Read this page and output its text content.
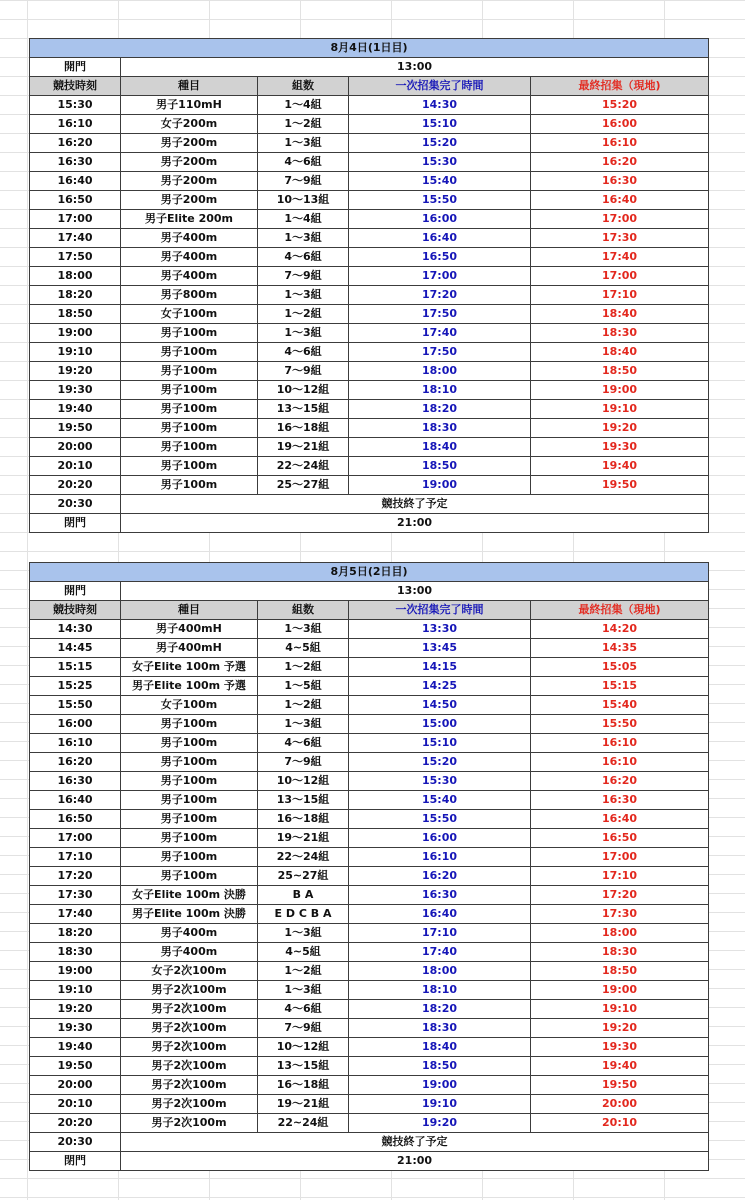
8月4日(1日目)				
開門	13:00			
競技時刻	種目	組数	一次招集完了時間	最終招集（現地)
15:30	男子110mH	1〜4組	14:30	15:20
16:10	女子200m	1〜2組	15:10	16:00
16:20	男子200m	1〜3組	15:20	16:10
16:30	男子200m	4〜6組	15:30	16:20
16:40	男子200m	7〜9組	15:40	16:30
16:50	男子200m	10〜13組	15:50	16:40
17:00	男子Elite 200m	1〜4組	16:00	17:00
17:40	男子400m	1〜3組	16:40	17:30
17:50	男子400m	4〜6組	16:50	17:40
18:00	男子400m	7〜9組	17:00	17:00
18:20	男子800m	1〜3組	17:20	17:10
18:50	女子100m	1〜2組	17:50	18:40
19:00	男子100m	1〜3組	17:40	18:30
19:10	男子100m	4〜6組	17:50	18:40
19:20	男子100m	7〜9組	18:00	18:50
19:30	男子100m	10〜12組	18:10	19:00
19:40	男子100m	13〜15組	18:20	19:10
19:50	男子100m	16〜18組	18:30	19:20
20:00	男子100m	19〜21組	18:40	19:30
20:10	男子100m	22〜24組	18:50	19:40
20:20	男子100m	25〜27組	19:00	19:50
20:30	競技終了予定			
閉門	21:00			
8月5日(2日目)				
開門	13:00			
競技時刻	種目	組数	一次招集完了時間	最終招集（現地)
14:30	男子400mH	1〜3組	13:30	14:20
14:45	男子400mH	4~5組	13:45	14:35
15:15	女子Elite 100m 予選	1〜2組	14:15	15:05
15:25	男子Elite 100m 予選	1〜5組	14:25	15:15
15:50	女子100m	1〜2組	14:50	15:40
16:00	男子100m	1〜3組	15:00	15:50
16:10	男子100m	4〜6組	15:10	16:10
16:20	男子100m	7〜9組	15:20	16:10
16:30	男子100m	10〜12組	15:30	16:20
16:40	男子100m	13〜15組	15:40	16:30
16:50	男子100m	16〜18組	15:50	16:40
17:00	男子100m	19〜21組	16:00	16:50
17:10	男子100m	22〜24組	16:10	17:00
17:20	男子100m	25~27組	16:20	17:10
17:30	女子Elite 100m 決勝	B A	16:30	17:20
17:40	男子Elite 100m 決勝	E D C B A	16:40	17:30
18:20	男子400m	1〜3組	17:10	18:00
18:30	男子400m	4~5組	17:40	18:30
19:00	女子2次100m	1〜2組	18:00	18:50
19:10	男子2次100m	1〜3組	18:10	19:00
19:20	男子2次100m	4〜6組	18:20	19:10
19:30	男子2次100m	7〜9組	18:30	19:20
19:40	男子2次100m	10〜12組	18:40	19:30
19:50	男子2次100m	13〜15組	18:50	19:40
20:00	男子2次100m	16〜18組	19:00	19:50
20:10	男子2次100m	19〜21組	19:10	20:00
20:20	男子2次100m	22~24組	19:20	20:10
20:30	競技終了予定			
閉門	21:00			
